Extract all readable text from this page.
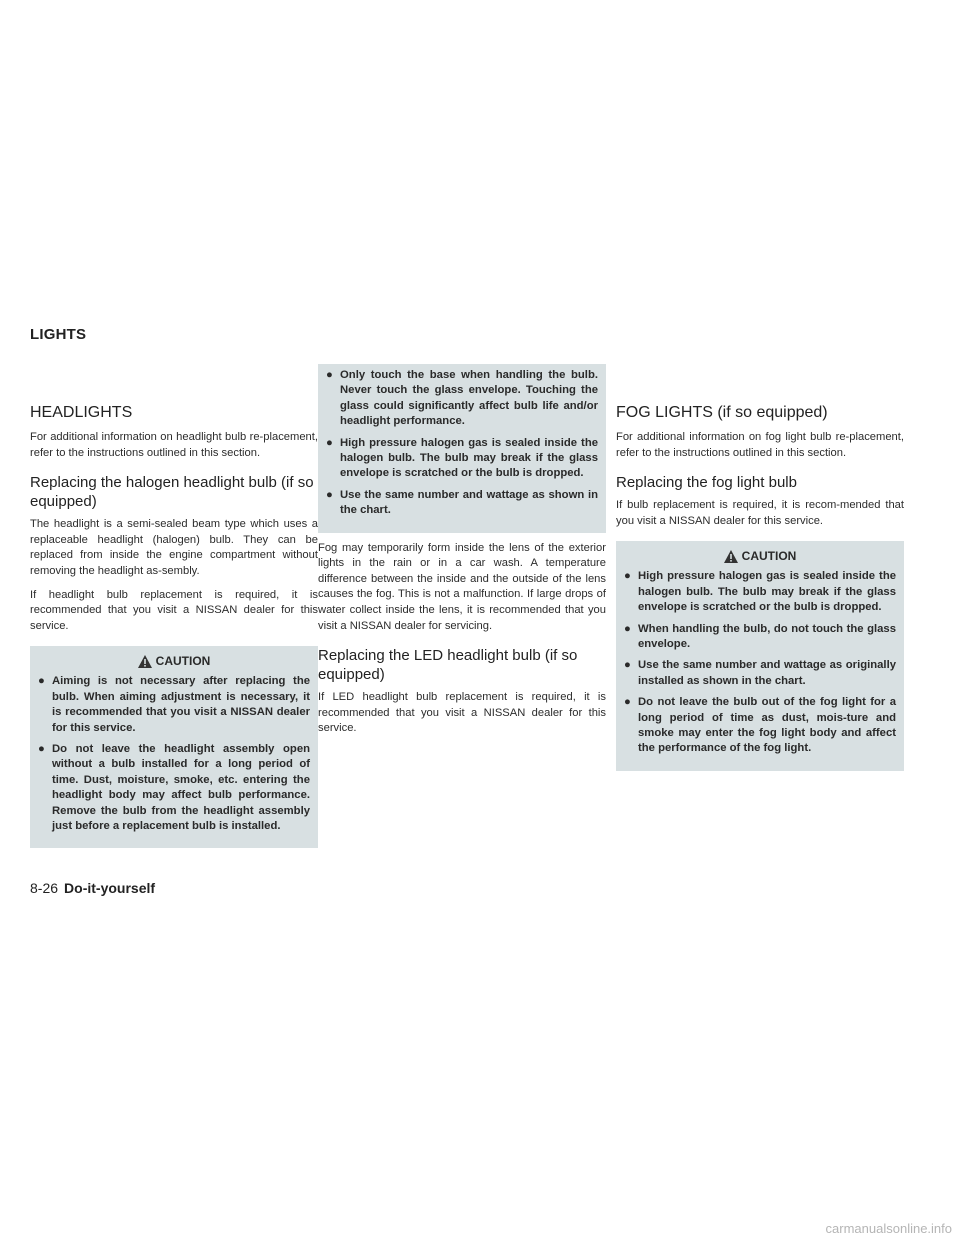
LIGHTS
HEADLIGHTS

For additional information on headlight bulb re-placement, refer to the instructions outlined in this section.

Replacing the halogen headlight bulb (if so equipped)

The headlight is a semi-sealed beam type which uses a replaceable headlight (halogen) bulb. They can be replaced from inside the engine compartment without removing the headlight as-sembly.

If headlight bulb replacement is required, it is recommended that you visit a NISSAN dealer for this service.

CAUTION
● Aiming is not necessary after replacing the bulb. When aiming adjustment is necessary, it is recommended that you visit a NISSAN dealer for this service.
● Do not leave the headlight assembly open without a bulb installed for a long period of time. Dust, moisture, smoke, etc. entering the headlight body may affect bulb performance. Remove the bulb from the headlight assembly just before a replacement bulb is installed.
● Only touch the base when handling the bulb. Never touch the glass envelope. Touching the glass could significantly affect bulb life and/or headlight performance.
● High pressure halogen gas is sealed inside the halogen bulb. The bulb may break if the glass envelope is scratched or the bulb is dropped.
● Use the same number and wattage as shown in the chart.

Fog may temporarily form inside the lens of the exterior lights in the rain or in a car wash. A temperature difference between the inside and the outside of the lens causes the fog. This is not a malfunction. If large drops of water collect inside the lens, it is recommended that you visit a NISSAN dealer for servicing.

Replacing the LED headlight bulb (if so equipped)

If LED headlight bulb replacement is required, it is recommended that you visit a NISSAN dealer for this service.

FOG LIGHTS (if so equipped)

For additional information on fog light bulb re-placement, refer to the instructions outlined in this section.

Replacing the fog light bulb

If bulb replacement is required, it is recom-mended that you visit a NISSAN dealer for this service.

CAUTION
● High pressure halogen gas is sealed inside the halogen bulb. The bulb may break if the glass envelope is scratched or the bulb is dropped.
● When handling the bulb, do not touch the glass envelope.
● Use the same number and wattage as originally installed as shown in the chart.
● Do not leave the bulb out of the fog light for a long period of time as dust, mois-ture and smoke may enter the fog light body and affect the performance of the fog light.
8-26 Do-it-yourself
carmanualsonline.info
